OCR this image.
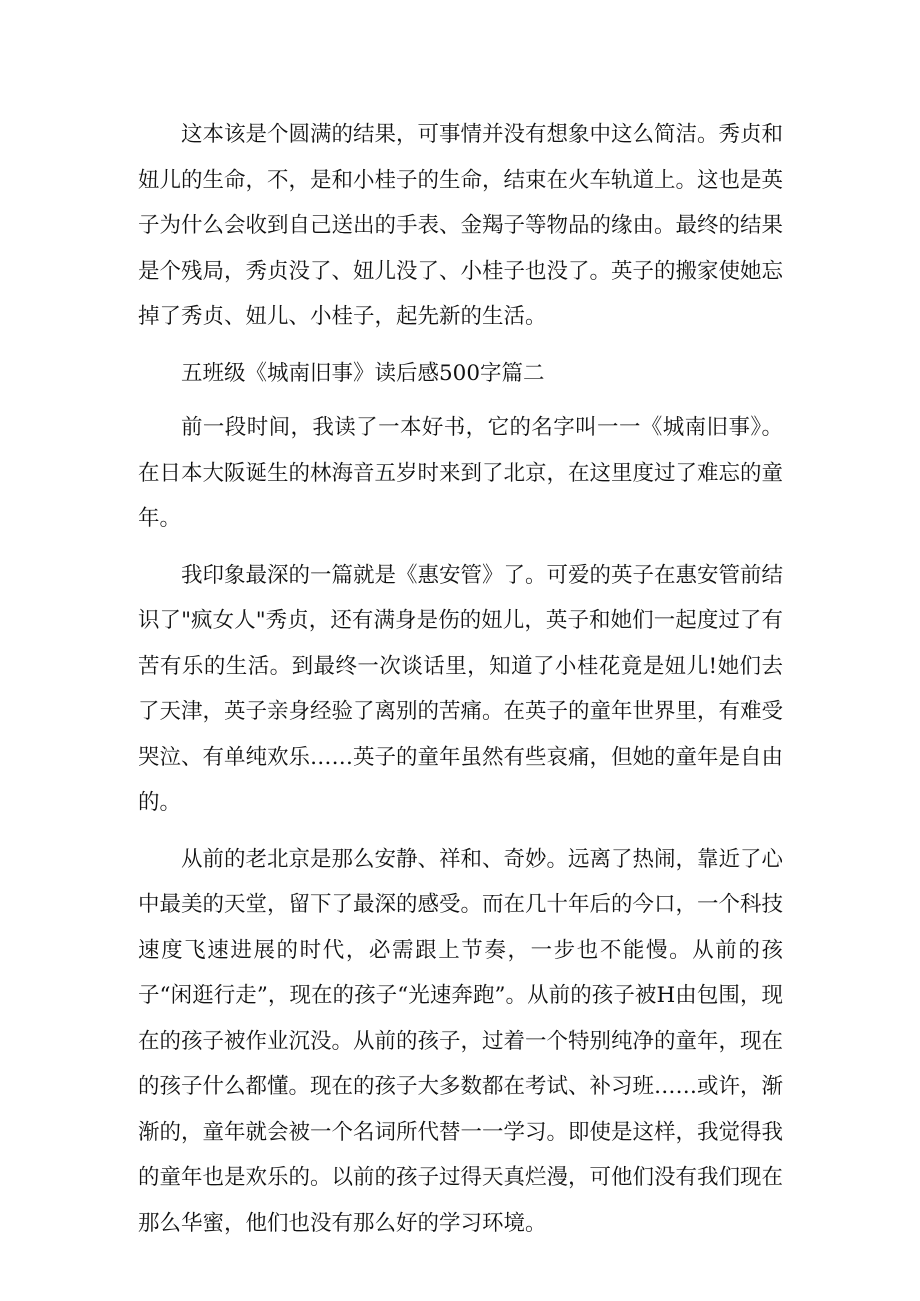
这本该是个圆满的结果，可事情并没有想象中这么简洁。秀贞和妞儿的生命，不，是和小桂子的生命，结束在火车轨道上。这也是英子为什么会收到自己送出的手表、金羯子等物品的缘由。最终的结果是个残局，秀贞没了、妞儿没了、小桂子也没了。英子的搬家使她忘掉了秀贞、妞儿、小桂子，起先新的生活。

五班级《城南旧事》读后感500字篇二

前一段时间，我读了一本好书，它的名字叫一一《城南旧事》。在日本大阪诞生的林海音五岁时来到了北京，在这里度过了难忘的童年。

我印象最深的一篇就是《惠安管》了。可爱的英子在惠安管前结识了"疯女人"秀贞，还有满身是伤的妞儿，英子和她们一起度过了有苦有乐的生活。到最终一次谈话里，知道了小桂花竟是妞儿!她们去了天津，英子亲身经验了离别的苦痛。在英子的童年世界里，有难受哭泣、有单纯欢乐……英子的童年虽然有些哀痛，但她的童年是自由的。

从前的老北京是那么安静、祥和、奇妙。远离了热闹，靠近了心中最美的天堂，留下了最深的感受。而在几十年后的今口，一个科技速度飞速进展的时代，必需跟上节奏，一步也不能慢。从前的孩子“闲逛行走”，现在的孩子“光速奔跑”。从前的孩子被H由包围，现在的孩子被作业沉没。从前的孩子，过着一个特别纯净的童年，现在的孩子什么都懂。现在的孩子大多数都在考试、补习班……或许，渐渐的，童年就会被一个名词所代替一一学习。即使是这样，我觉得我的童年也是欢乐的。以前的孩子过得天真烂漫，可他们没有我们现在那么华蜜，他们也没有那么好的学习环境。
